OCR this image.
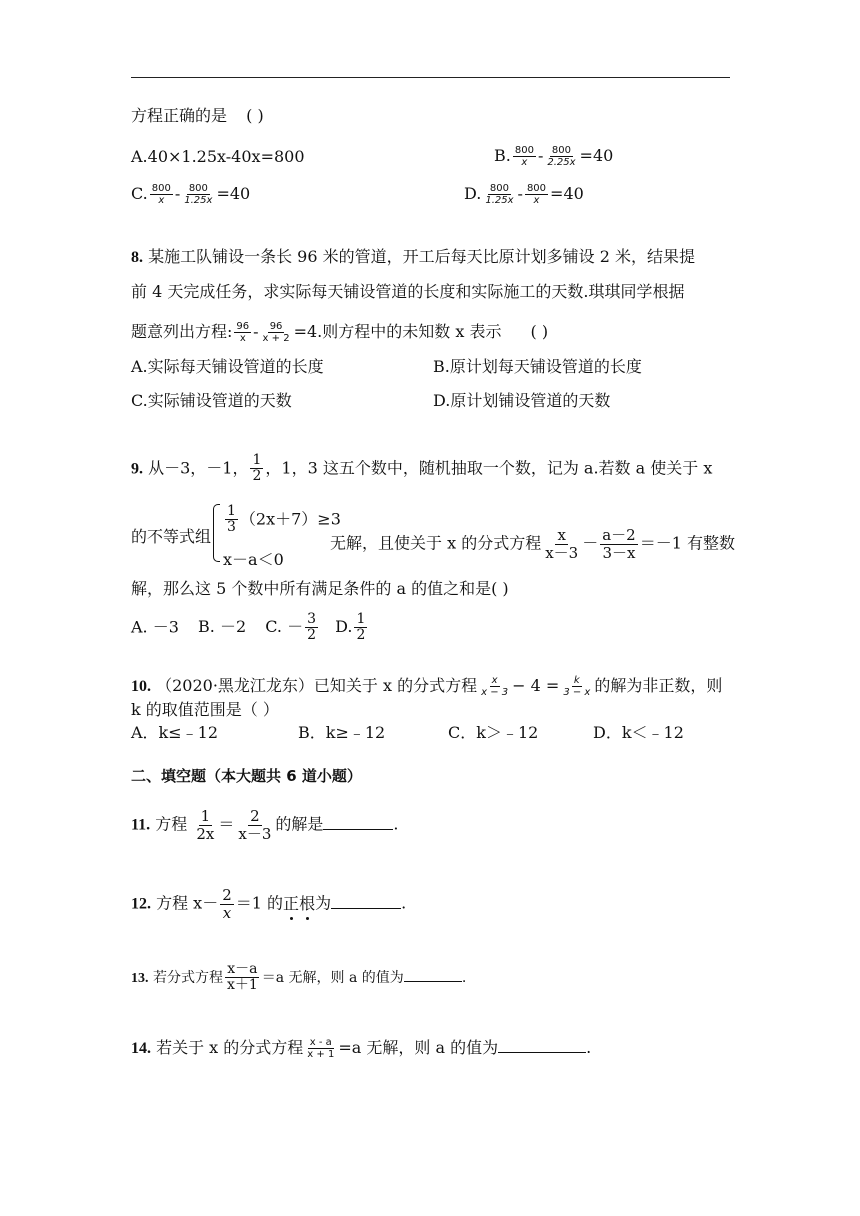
方程正确的是 ( )
A.40×1.25x-40x=800	B. $\frac{800}{x} - \frac{800}{2.25x} =40$
C. $\frac{800}{x} - \frac{800}{1.25x} =40$	D. $\frac{800}{1.25x} - \frac{800}{x} =40$
8. 某施工队铺设一条长 96 米的管道，开工后每天比原计划多铺设 2 米，结果提
前 4 天完成任务，求实际每天铺设管道的长度和实际施工的天数.琪琪同学根据
题意列出方程: $\frac{96}{x} - \frac{96}{x + 2} =4$.则方程中的未知数 x 表示 ( )
A.实际每天铺设管道的长度	B.原计划每天铺设管道的长度
C.实际铺设管道的天数	D.原计划铺设管道的天数
9. 从－3，－1， $\frac{1}{2}$ ，1，3 这五个数中，随机抽取一个数，记为 a.若数 a 使关于 x
的不等式组
$\frac{1}{3} (2x+7)\ge 3$
x－a＜0
无解，且使关于 x 的分式方程 $\frac{x}{x-3} - \frac{a-2}{3-x} =-1$ 有整数
解，那么这 5 个数中所有满足条件的 a 的值之和是( )
A. －3 B. －2 C. － $\frac{3}{2} D$. $\frac{1}{2}$
10. （2020·黑龙江龙东）已知关于 x 的分式方程 $\frac{x}{x - 3} - 4 = \frac{k}{3 - x}$ 的解为非正数，则
k 的取值范围是（ ）
A．k≤﹣12	B．k≥﹣12	C．k＞﹣12	D．k＜﹣12
二、填空题（本大题共 6 道小题）
11. 方程 $\frac{1}{2x} = \frac{2}{x-3}$ 的解是	.
12. 方程 $x- \frac{2}{x} =1$ 的正根为	.
13. 若分式方程 $\frac{x-a}{x+1} =a$ 无解，则 a 的值为	.
14. 若关于 x 的分式方程 $\frac{x - a}{x + 1} =a$ 无解，则 a 的值为	.
